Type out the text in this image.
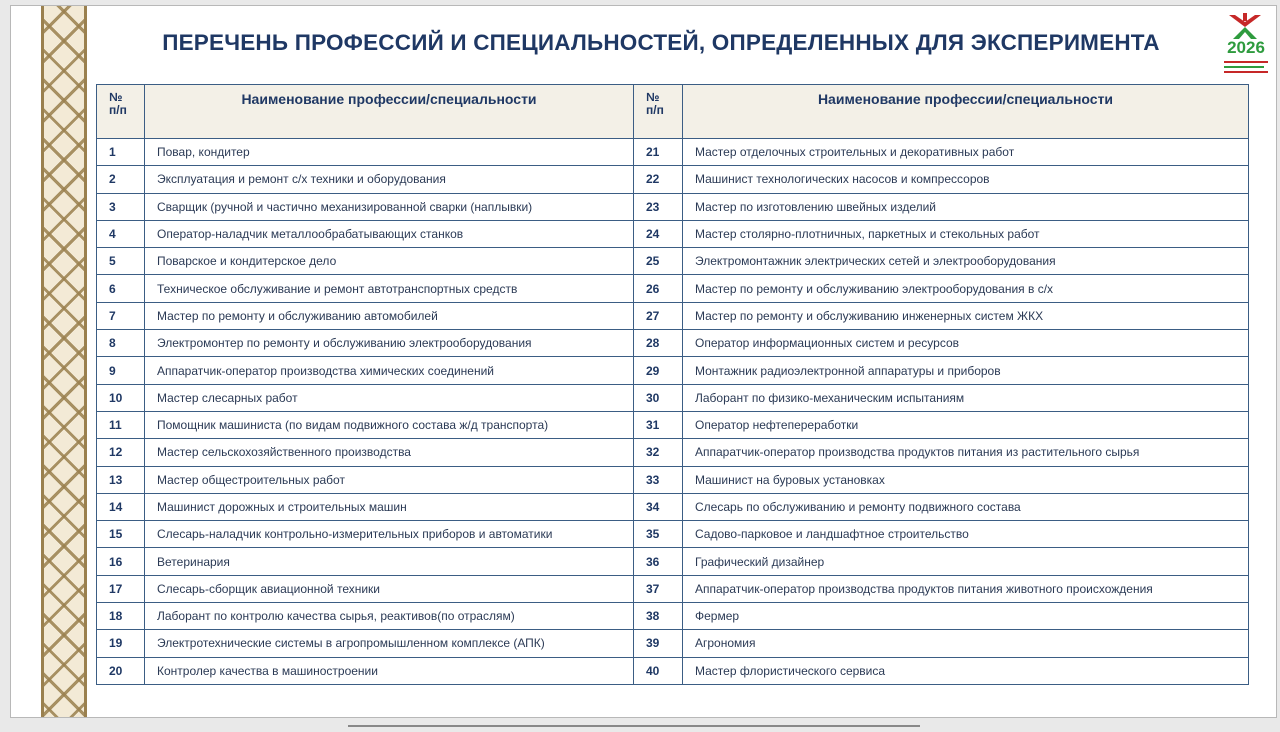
ПЕРЕЧЕНЬ ПРОФЕССИЙ И СПЕЦИАЛЬНОСТЕЙ, ОПРЕДЕЛЕННЫХ ДЛЯ ЭКСПЕРИМЕНТА	2026
№
п/п	Наименование профессии/специальности	№
п/п	Наименование профессии/специальности
1	Повар, кондитер	21	Мастер отделочных строительных и декоративных работ
2	Эксплуатация и ремонт с/х техники и оборудования	22	Машинист технологических насосов и компрессоров
3	Сварщик (ручной и частично механизированной сварки (наплывки)	23	Мастер по изготовлению швейных изделий
4	Оператор-наладчик металлообрабатывающих станков	24	Мастер столярно-плотничных, паркетных и стекольных работ
5	Поварское и кондитерское дело	25	Электромонтажник электрических сетей и электрооборудования
6	Техническое обслуживание и ремонт автотранспортных средств	26	Мастер по ремонту и обслуживанию электрооборудования в с/х
7	Мастер по ремонту и обслуживанию автомобилей	27	Мастер по ремонту и обслуживанию инженерных систем ЖКХ
8	Электромонтер по ремонту и обслуживанию электрооборудования	28	Оператор информационных систем и ресурсов
9	Аппаратчик-оператор производства химических соединений	29	Монтажник радиоэлектронной аппаратуры и приборов
10	Мастер слесарных работ	30	Лаборант по физико-механическим испытаниям
11	Помощник машиниста (по видам подвижного состава ж/д транспорта)	31	Оператор нефтепереработки
12	Мастер сельскохозяйственного производства	32	Аппаратчик-оператор производства продуктов питания из растительного сырья
13	Мастер общестроительных работ	33	Машинист на буровых установках
14	Машинист дорожных и строительных машин	34	Слесарь по обслуживанию и ремонту подвижного состава
15	Слесарь-наладчик контрольно-измерительных приборов и автоматики	35	Садово-парковое и ландшафтное строительство
16	Ветеринария	36	Графический дизайнер
17	Слесарь-сборщик авиационной техники	37	Аппаратчик-оператор производства продуктов питания животного происхождения
18	Лаборант по контролю качества сырья, реактивов(по отраслям)	38	Фермер
19	Электротехнические системы в агропромышленном комплексе (АПК)	39	Агрономия
20	Контролер качества в машиностроении	40	Мастер флористического сервиса
